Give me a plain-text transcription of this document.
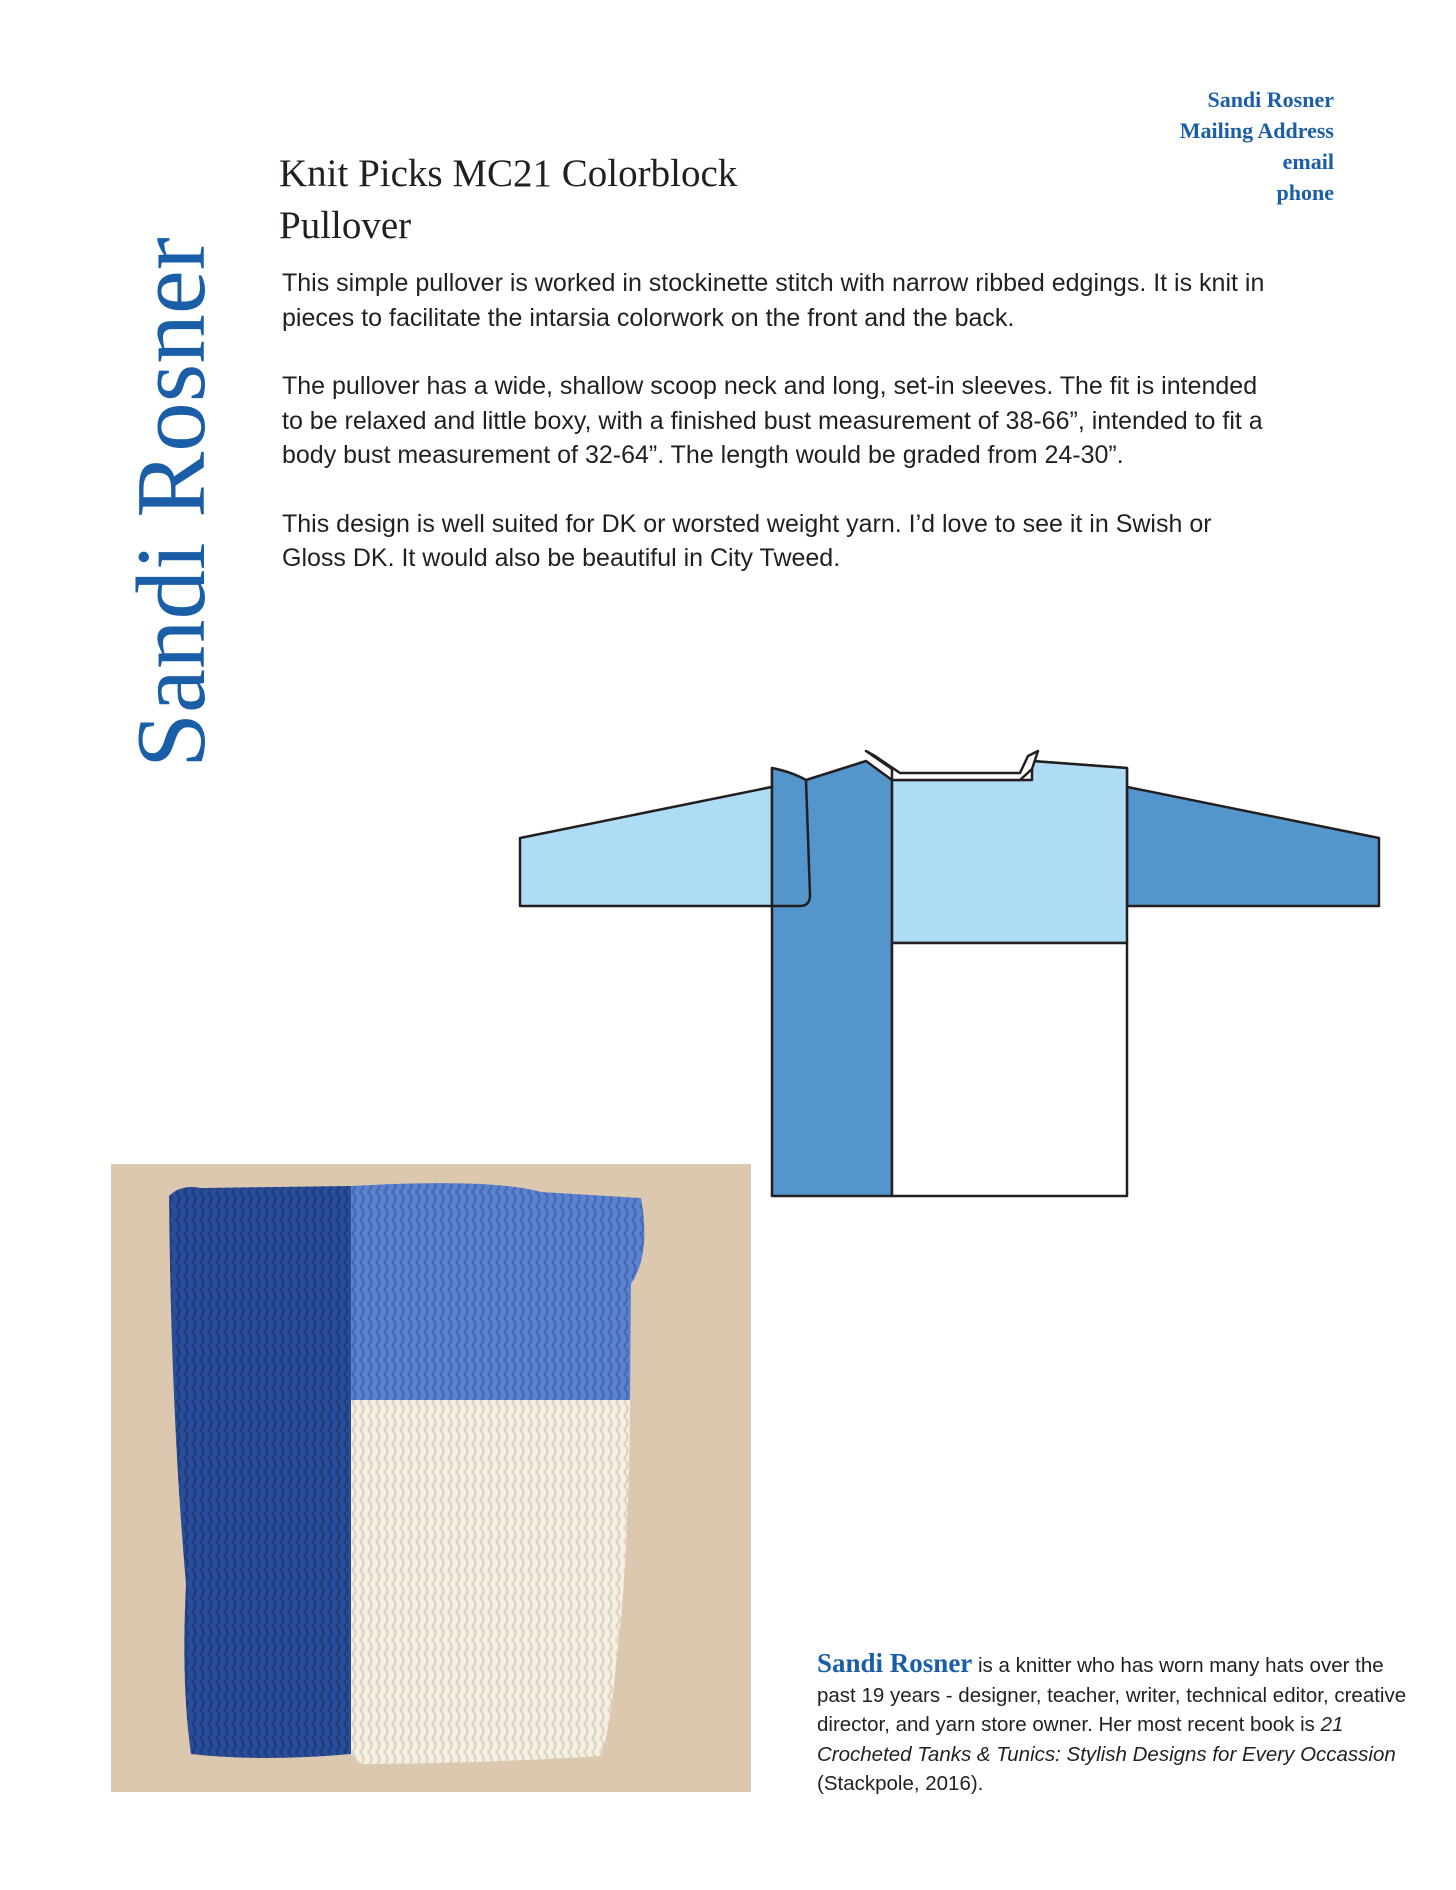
Sandi Rosner
Sandi Rosner
Mailing Address
email
phone
Knit Picks MC21 Colorblock
Pullover

This simple pullover is worked in stockinette stitch with narrow ribbed edgings. It is knit in pieces to facilitate the intarsia colorwork on the front and the back.

The pullover has a wide, shallow scoop neck and long, set-in sleeves. The fit is intended to be relaxed and little boxy, with a finished bust measurement of 38-66”, intended to fit a body bust measurement of 32-64”. The length would be graded from 24-30”.

This design is well suited for DK or worsted weight yarn. I’d love to see it in Swish or Gloss DK. It would also be beautiful in City Tweed.

Sandi Rosner is a knitter who has worn many hats over the past 19 years - designer, teacher, writer, technical editor, creative director, and yarn store owner. Her most recent book is 21 Crocheted Tanks & Tunics: Stylish Designs for Every Occassion (Stackpole, 2016).
